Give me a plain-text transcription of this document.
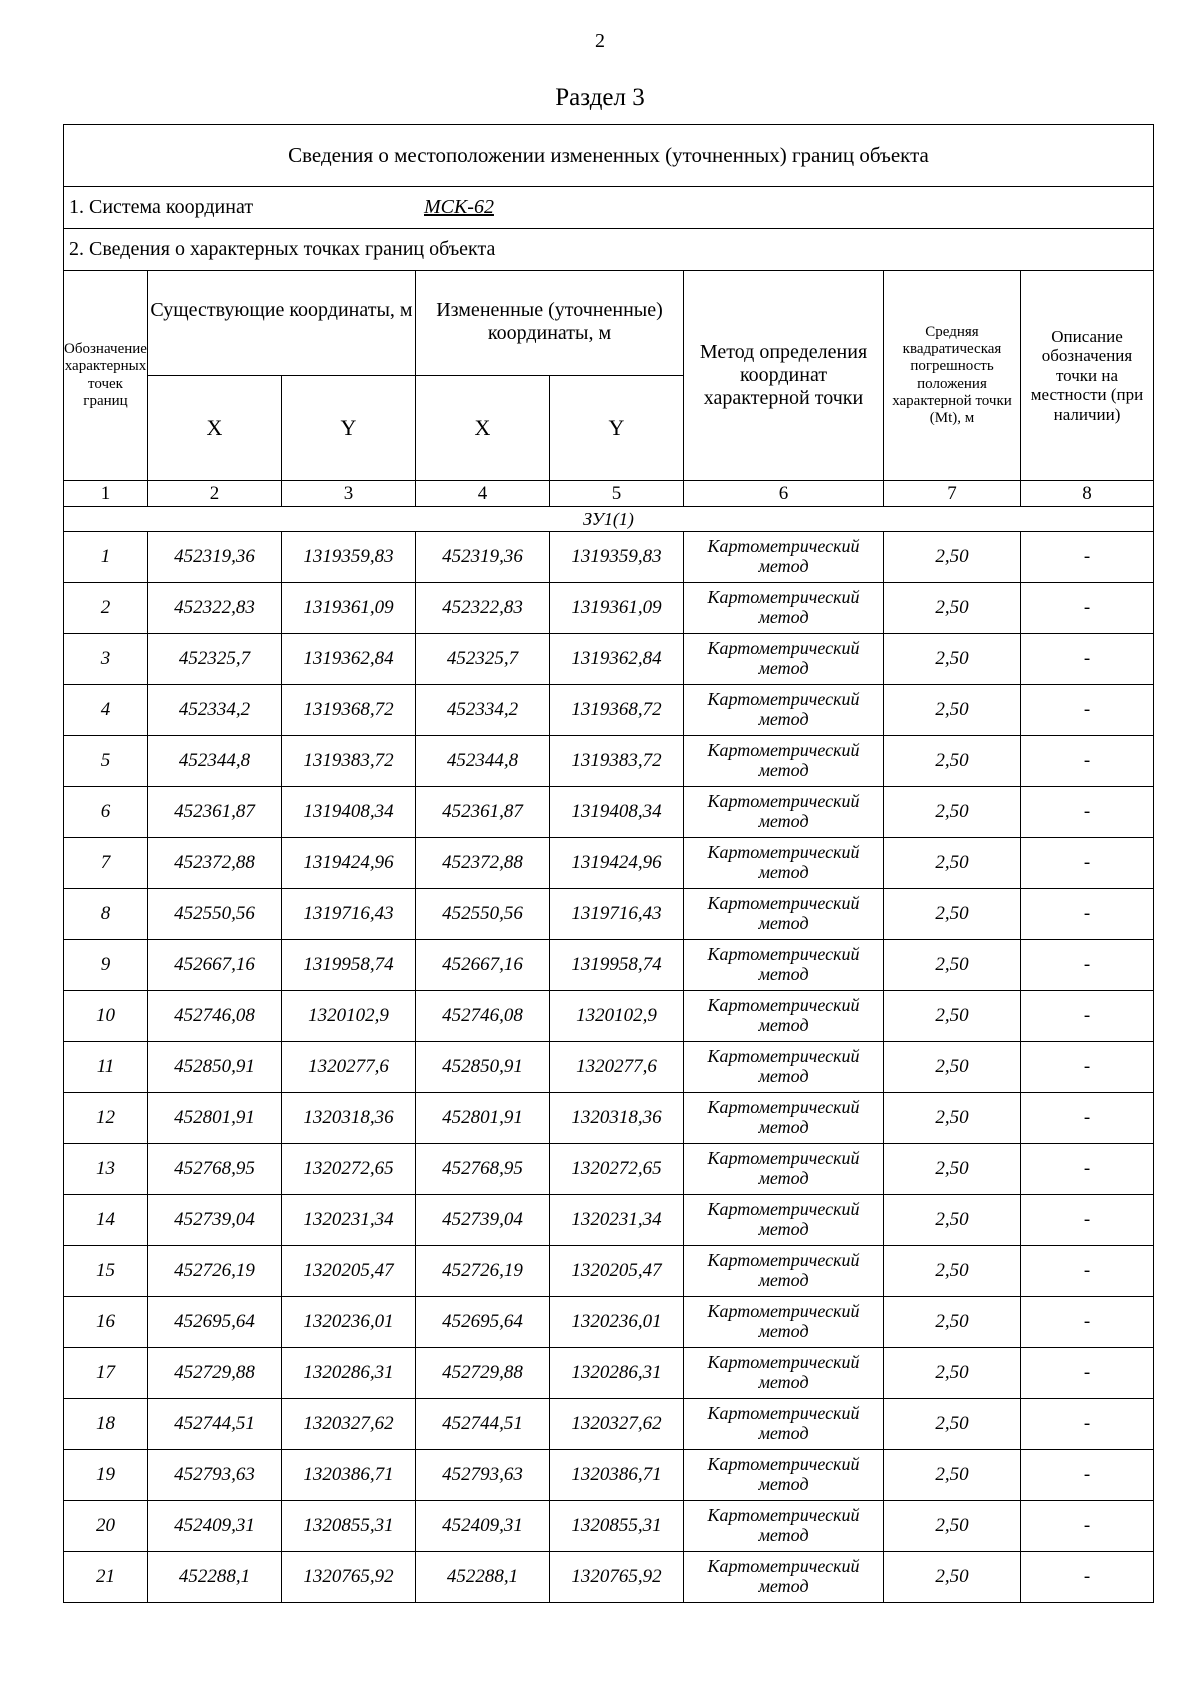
2
Раздел 3
Сведения о местоположении измененных (уточненных) границ объекта							
1. Система координат МСК-62							
2. Сведения о характерных точках границ объекта							
Обозначение характерных точек границ	Существующие координаты, м		Измененные (уточненные) координаты, м		Метод определения координат характерной точки	Средняя квадратическая погрешность положения характерной точки (Mt), м	Описание обозначения точки на местности (при наличии)
	X	Y	X	Y			
1	2	3	4	5	6	7	8
ЗУ1(1)							
1	452319,36	1319359,83	452319,36	1319359,83	Картометрический метод	2,50	-
2	452322,83	1319361,09	452322,83	1319361,09	Картометрический метод	2,50	-
3	452325,7	1319362,84	452325,7	1319362,84	Картометрический метод	2,50	-
4	452334,2	1319368,72	452334,2	1319368,72	Картометрический метод	2,50	-
5	452344,8	1319383,72	452344,8	1319383,72	Картометрический метод	2,50	-
6	452361,87	1319408,34	452361,87	1319408,34	Картометрический метод	2,50	-
7	452372,88	1319424,96	452372,88	1319424,96	Картометрический метод	2,50	-
8	452550,56	1319716,43	452550,56	1319716,43	Картометрический метод	2,50	-
9	452667,16	1319958,74	452667,16	1319958,74	Картометрический метод	2,50	-
10	452746,08	1320102,9	452746,08	1320102,9	Картометрический метод	2,50	-
11	452850,91	1320277,6	452850,91	1320277,6	Картометрический метод	2,50	-
12	452801,91	1320318,36	452801,91	1320318,36	Картометрический метод	2,50	-
13	452768,95	1320272,65	452768,95	1320272,65	Картометрический метод	2,50	-
14	452739,04	1320231,34	452739,04	1320231,34	Картометрический метод	2,50	-
15	452726,19	1320205,47	452726,19	1320205,47	Картометрический метод	2,50	-
16	452695,64	1320236,01	452695,64	1320236,01	Картометрический метод	2,50	-
17	452729,88	1320286,31	452729,88	1320286,31	Картометрический метод	2,50	-
18	452744,51	1320327,62	452744,51	1320327,62	Картометрический метод	2,50	-
19	452793,63	1320386,71	452793,63	1320386,71	Картометрический метод	2,50	-
20	452409,31	1320855,31	452409,31	1320855,31	Картометрический метод	2,50	-
21	452288,1	1320765,92	452288,1	1320765,92	Картометрический метод	2,50	-
